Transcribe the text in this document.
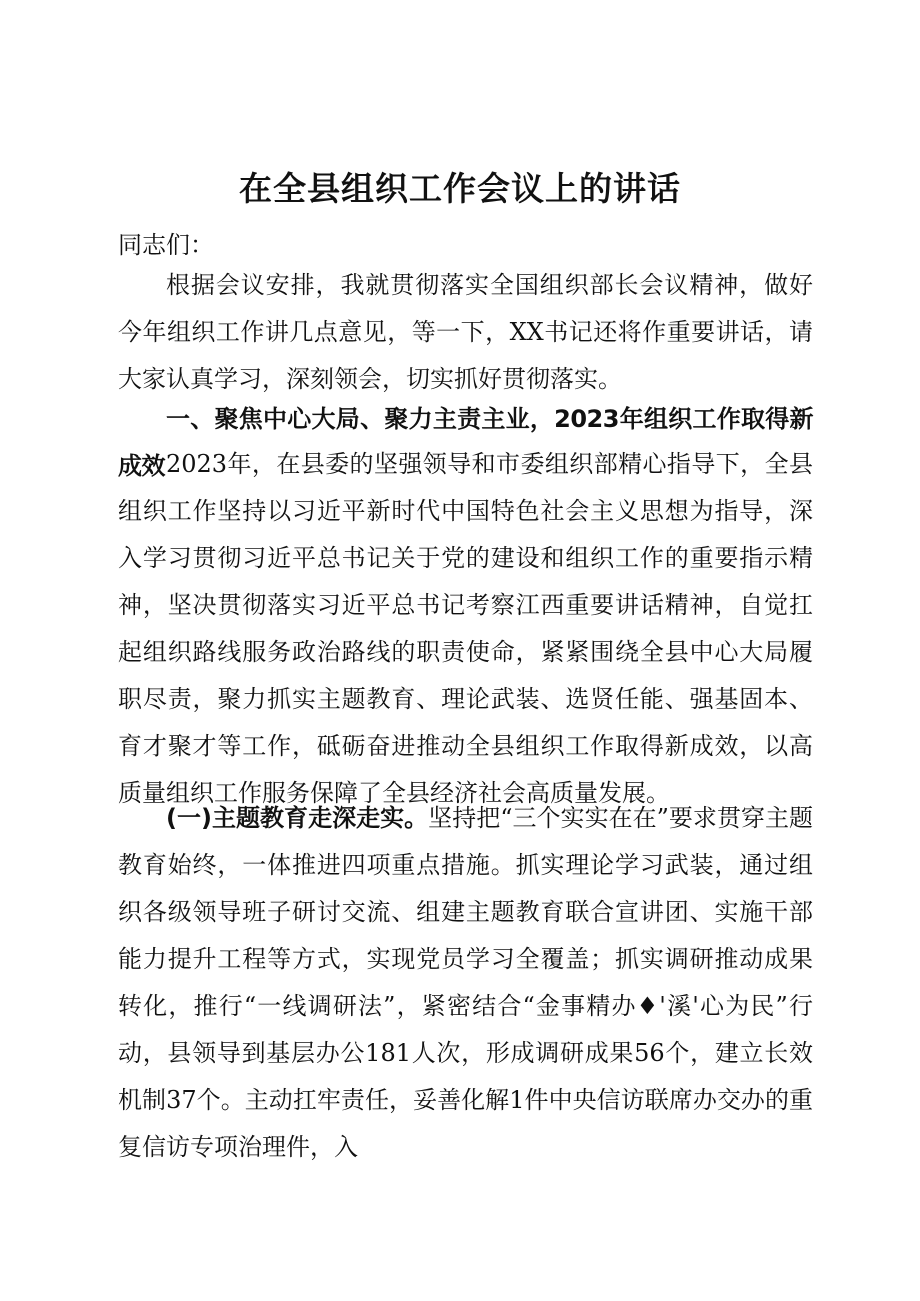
在全县组织工作会议上的讲话

同志们：

根据会议安排，我就贯彻落实全国组织部长会议精神，做好今年组织工作讲几点意见，等一下，XX书记还将作重要讲话，请大家认真学习，深刻领会，切实抓好贯彻落实。

一、聚焦中心大局、聚力主责主业，2023年组织工作取得新成效 2023年，在县委的坚强领导和市委组织部精心指导下，全县组织工作坚持以习近平新时代中国特色社会主义思想为指导，深入学习贯彻习近平总书记关于党的建设和组织工作的重要指示精神，坚决贯彻落实习近平总书记考察江西重要讲话精神，自觉扛起组织路线服务政治路线的职责使命，紧紧围绕全县中心大局履职尽责，聚力抓实主题教育、理论武装、选贤任能、强基固本、育才聚才等工作，砥砺奋进推动全县组织工作取得新成效，以高质量组织工作服务保障了全县经济社会高质量发展。

(一)主题教育走深走实。坚持把“三个实实在在”要求贯穿主题教育始终，一体推进四项重点措施。抓实理论学习武装，通过组织各级领导班子研讨交流、组建主题教育联合宣讲团、实施干部能力提升工程等方式，实现党员学习全覆盖；抓实调研推动成果转化，推行“一线调研法”，紧密结合“金事精办♦'溪'心为民”行动，县领导到基层办公181人次，形成调研成果56个，建立长效机制37个。主动扛牢责任，妥善化解1件中央信访联席办交办的重复信访专项治理件，入
